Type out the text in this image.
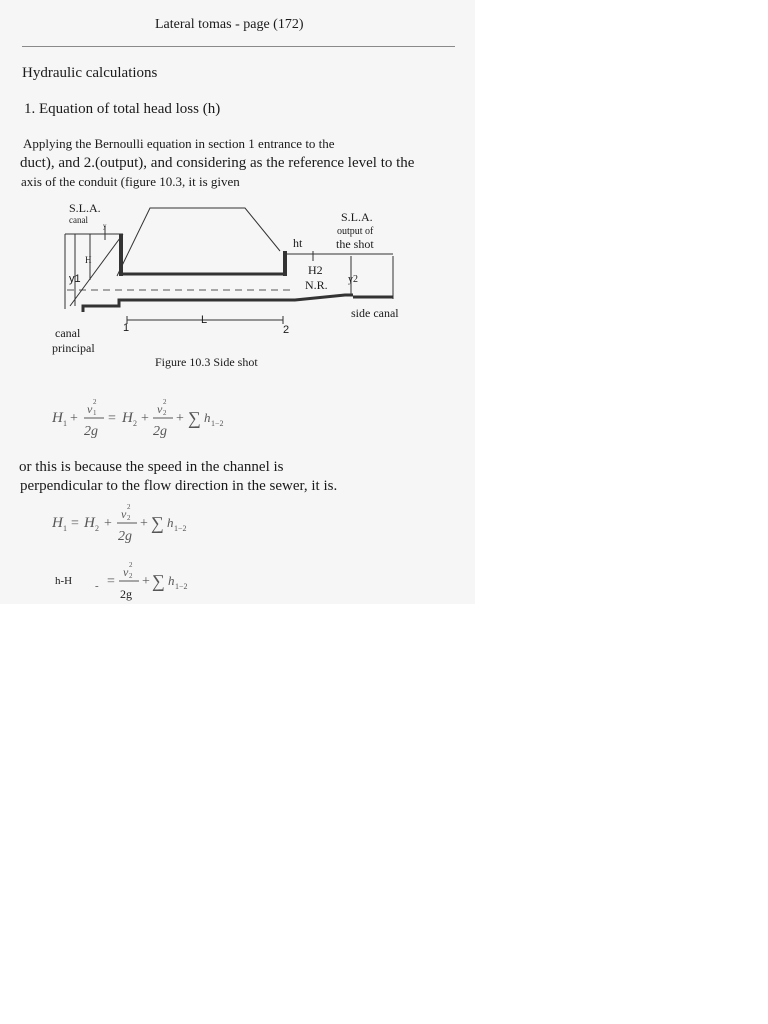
Lateral tomas - page (172)
Hydraulic calculations
1. Equation of total head loss (h)
Applying the Bernoulli equation in section 1 entrance to the
duct), and 2.(output), and considering as the reference level to the
axis of the conduit (figure 10.3, it is given
S.L.A.
canal	S.L.A.
output of
the shot
ht
H
y1
y
H2
N.R. y2
side canal
L
1	2
canal
principal
Figure 10.3 Side shot
H 1 +
v 1
2
2g
= H 2 +
v 2
2
2g
+ ∑ h 1−2
or this is because the speed in the channel is
perpendicular to the flow direction in the sewer, it is.
H 1 = H 2 +
v 2
2
2g
+ ∑ h 1−2
h-H - =
v 2
2
2g
+ ∑ h 1−2
